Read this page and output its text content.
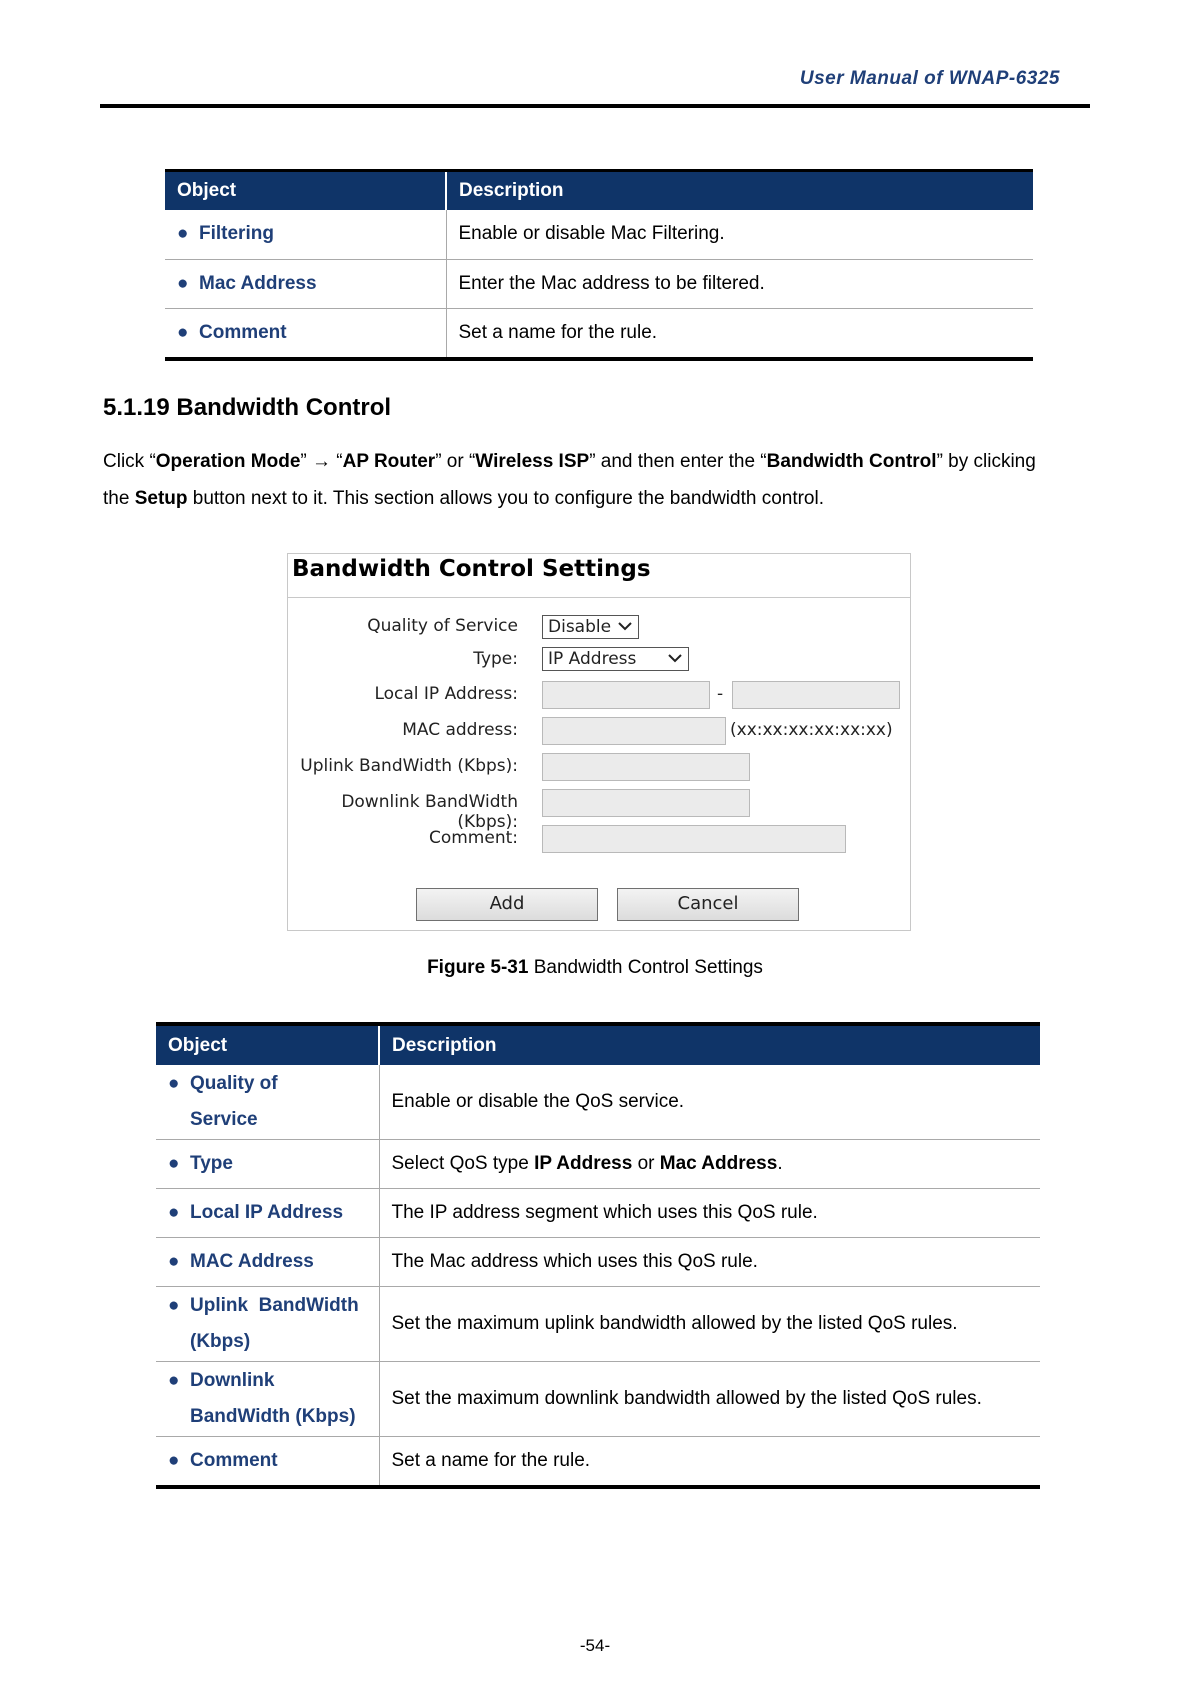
User Manual of WNAP-6325
Object	Description
● Filtering	Enable or disable Mac Filtering.
● Mac Address	Enter the Mac address to be filtered.
● Comment	Set a name for the rule.
5.1.19 Bandwidth Control
Click “Operation Mode” → “AP Router” or “Wireless ISP” and then enter the “Bandwidth Control” by clicking
the Setup button next to it. This section allows you to configure the bandwidth control.
Bandwidth Control Settings
Quality of Service	Disable
Type:	IP Address
Local IP Address:	-
MAC address:	(xx:xx:xx:xx:xx:xx)
Uplink BandWidth (Kbps):
Downlink BandWidth (Kbps):
Comment:
Add	Cancel
Figure 5-31 Bandwidth Control Settings
Object	Description
● Quality of
Service	Enable or disable the QoS service.
● Type	Select QoS type IP Address or Mac Address.
● Local IP Address	The IP address segment which uses this QoS rule.
● MAC Address	The Mac address which uses this QoS rule.
● Uplink  BandWidth
(Kbps)	Set the maximum uplink bandwidth allowed by the listed QoS rules.
● Downlink
BandWidth (Kbps)	Set the maximum downlink bandwidth allowed by the listed QoS rules.
● Comment	Set a name for the rule.
-54-
